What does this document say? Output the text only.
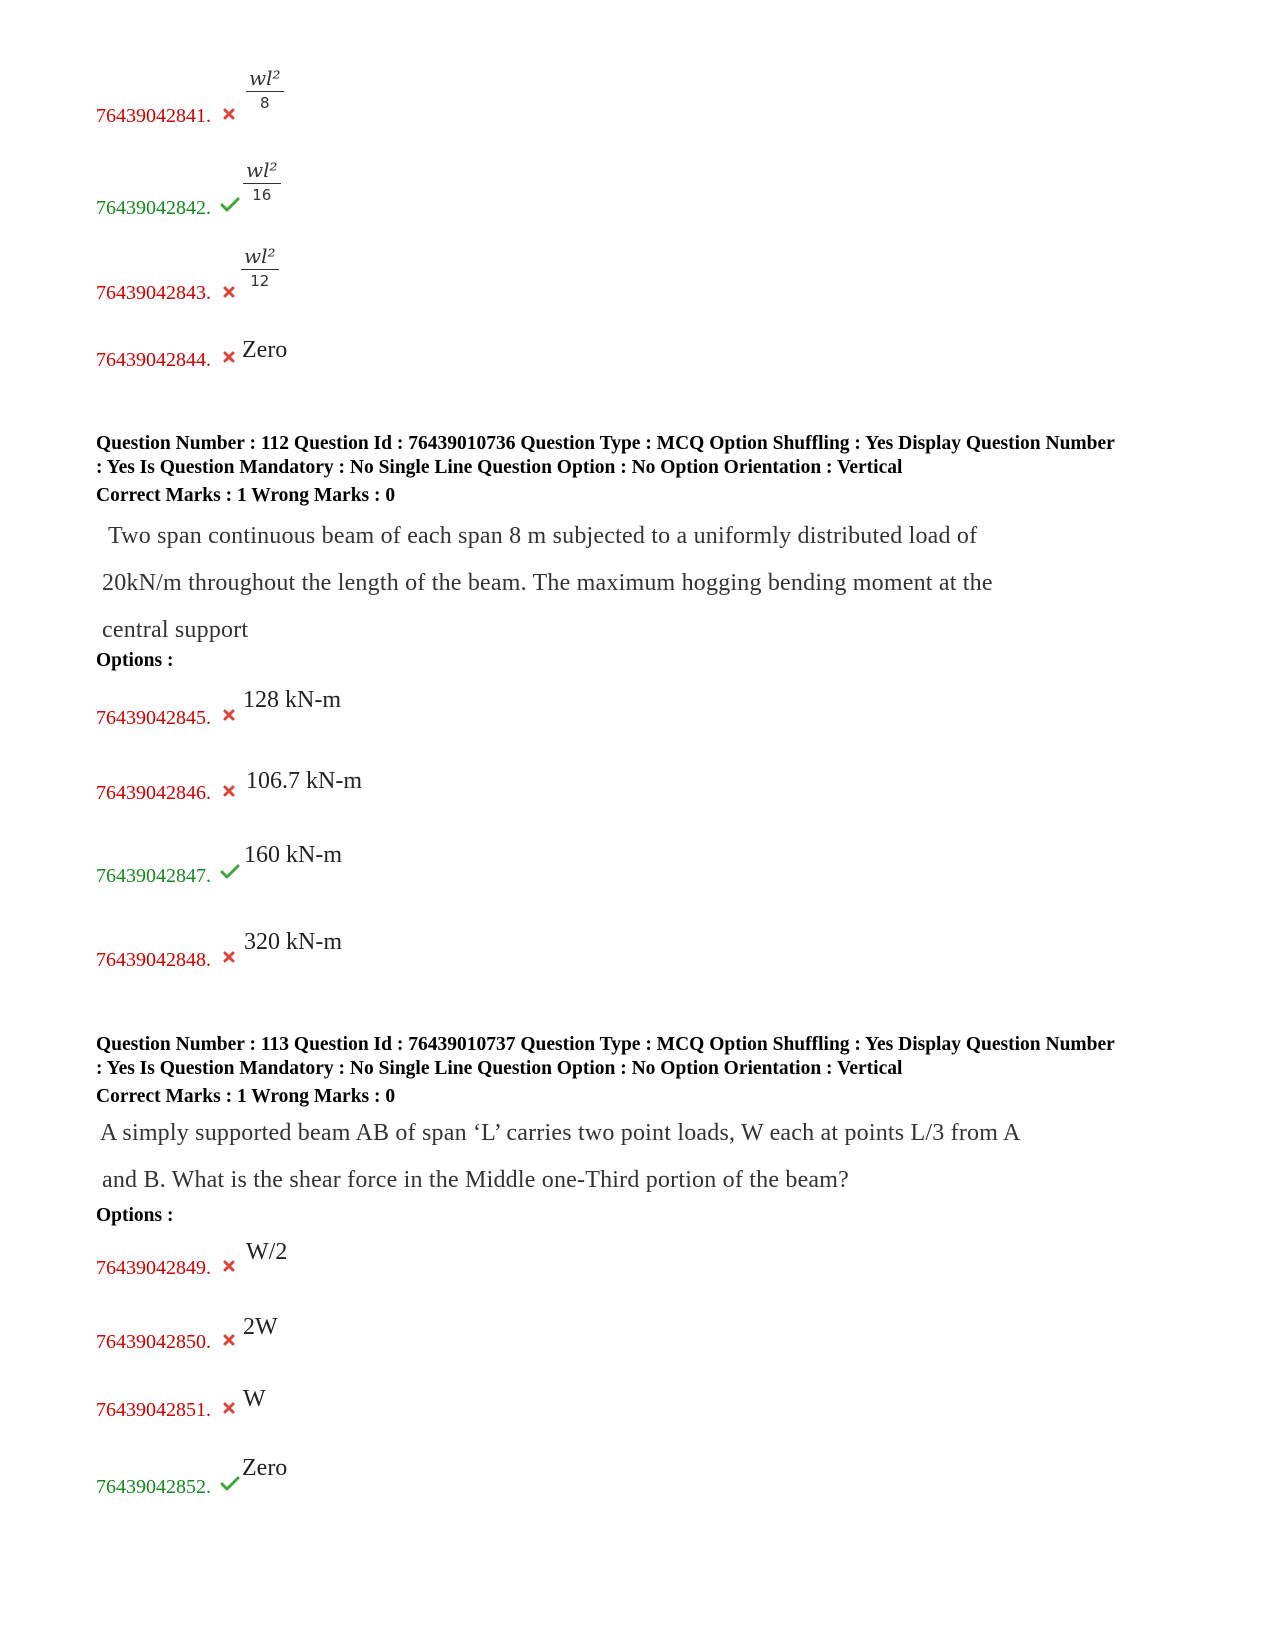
wl²
8
76439042841.
wl²
16
76439042842.
wl²
12
76439042843.
Zero
76439042844.
Question Number : 112 Question Id : 76439010736 Question Type : MCQ Option Shuffling : Yes Display Question Number
: Yes Is Question Mandatory : No Single Line Question Option : No Option Orientation : Vertical
Correct Marks : 1 Wrong Marks : 0
Two span continuous beam of each span 8 m subjected to a uniformly distributed load of
20kN/m throughout the length of the beam. The maximum hogging bending moment at the
central support
Options :
128 kN-m
76439042845.
106.7 kN-m
76439042846.
160 kN-m
76439042847.
320 kN-m
76439042848.
Question Number : 113 Question Id : 76439010737 Question Type : MCQ Option Shuffling : Yes Display Question Number
: Yes Is Question Mandatory : No Single Line Question Option : No Option Orientation : Vertical
Correct Marks : 1 Wrong Marks : 0
A simply supported beam AB of span ‘L’ carries two point loads, W each at points L/3 from A
and B. What is the shear force in the Middle one-Third portion of the beam?
Options :
W/2
76439042849.
2W
76439042850.
W
76439042851.
Zero
76439042852.
